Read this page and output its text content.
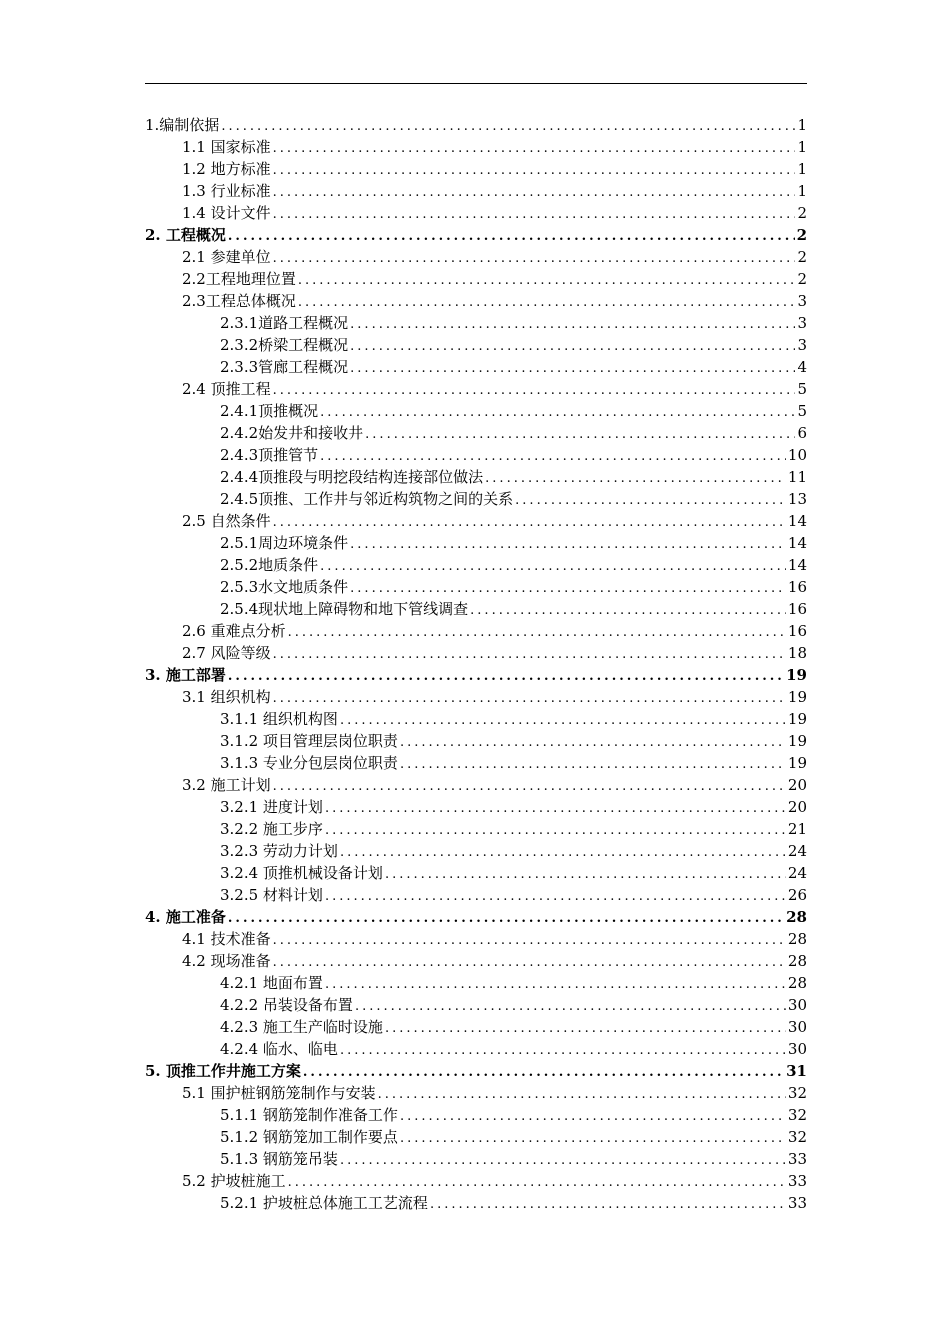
1.编制依据 .....	1
1.1 国家标准 .....	1
1.2 地方标准 .....	1
1.3 行业标准 .....	1
1.4 设计文件 .....	2
2. 工程概况 .....	2
2.1 参建单位 .....	2
2.2工程地理位置 .....	2
2.3工程总体概况 .....	3
2.3.1道路工程概况 .....	3
2.3.2桥梁工程概况 .....	3
2.3.3管廊工程概况 .....	4
2.4 顶推工程 .....	5
2.4.1顶推概况 .....	5
2.4.2始发井和接收井 .....	6
2.4.3顶推管节 .....	10
2.4.4顶推段与明挖段结构连接部位做法 .....	11
2.4.5顶推、工作井与邻近构筑物之间的关系 .....	13
2.5 自然条件 .....	14
2.5.1周边环境条件 .....	14
2.5.2地质条件 .....	14
2.5.3水文地质条件 .....	16
2.5.4现状地上障碍物和地下管线调查 .....	16
2.6 重难点分析 .....	16
2.7 风险等级 .....	18
3. 施工部署 .....	19
3.1 组织机构 .....	19
3.1.1 组织机构图 .....	19
3.1.2 项目管理层岗位职责 .....	19
3.1.3 专业分包层岗位职责 .....	19
3.2 施工计划 .....	20
3.2.1 进度计划 .....	20
3.2.2 施工步序 .....	21
3.2.3 劳动力计划 .....	24
3.2.4 顶推机械设备计划 .....	24
3.2.5 材料计划 .....	26
4. 施工准备 .....	28
4.1 技术准备 .....	28
4.2 现场准备 .....	28
4.2.1 地面布置 .....	28
4.2.2 吊装设备布置 .....	30
4.2.3 施工生产临时设施 .....	30
4.2.4 临水、临电 .....	30
5. 顶推工作井施工方案 .....	31
5.1 围护桩钢筋笼制作与安装 .....	32
5.1.1 钢筋笼制作准备工作 .....	32
5.1.2 钢筋笼加工制作要点 .....	32
5.1.3 钢筋笼吊装 .....	33
5.2 护坡桩施工 .....	33
5.2.1 护坡桩总体施工工艺流程 .....	33
